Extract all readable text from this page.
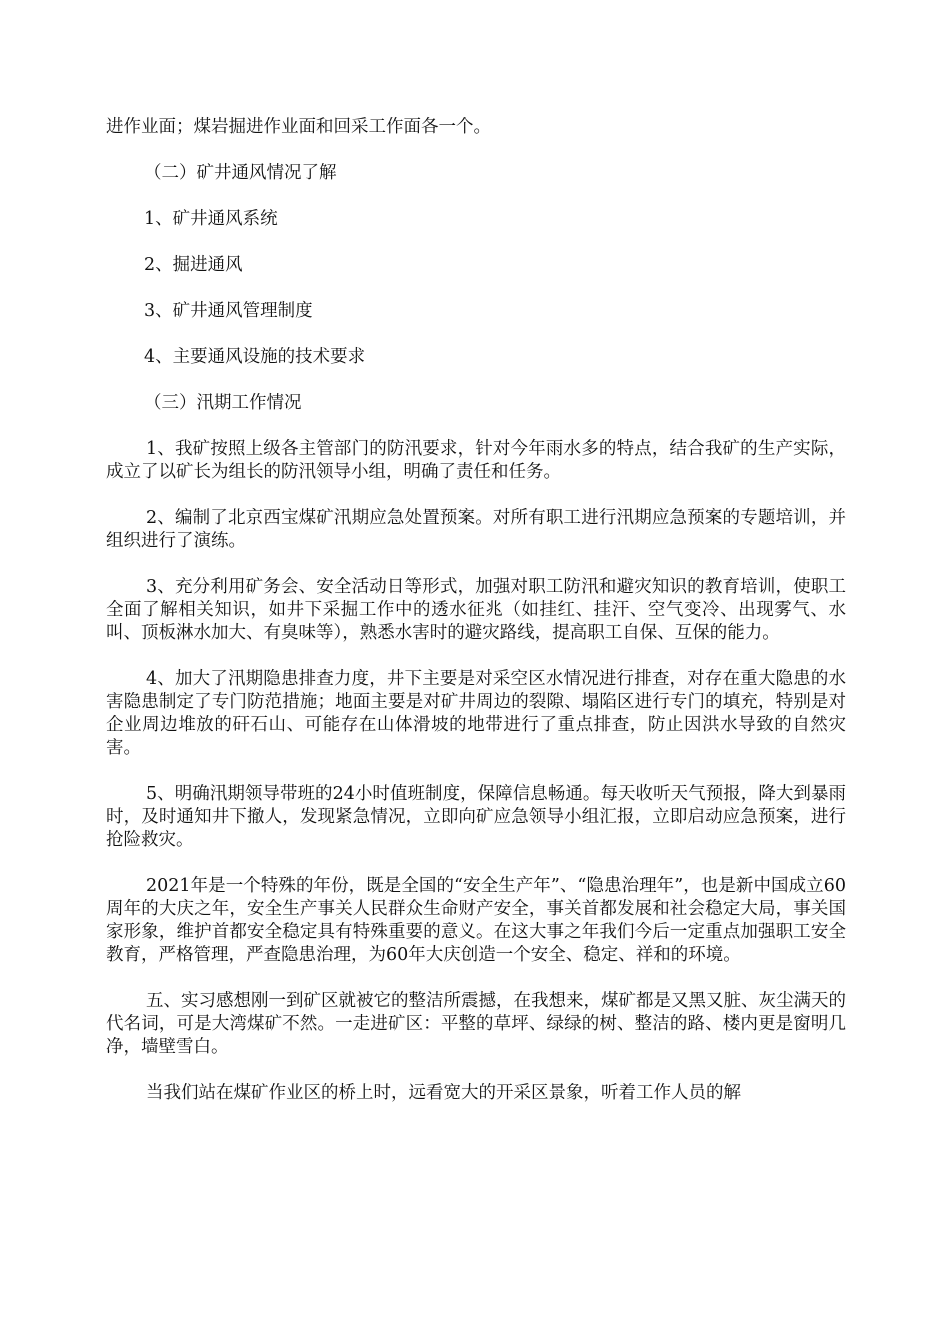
进作业面；煤岩掘进作业面和回采工作面各一个。

（二）矿井通风情况了解

1、矿井通风系统

2、掘进通风

3、矿井通风管理制度

4、主要通风设施的技术要求

（三）汛期工作情况

1、我矿按照上级各主管部门的防汛要求，针对今年雨水多的特点，结合我矿的生产实际，成立了以矿长为组长的防汛领导小组，明确了责任和任务。

2、编制了北京西宝煤矿汛期应急处置预案。对所有职工进行汛期应急预案的专题培训，并组织进行了演练。

3、充分利用矿务会、安全活动日等形式，加强对职工防汛和避灾知识的教育培训，使职工全面了解相关知识，如井下采掘工作中的透水征兆（如挂红、挂汗、空气变冷、出现雾气、水叫、顶板淋水加大、有臭味等），熟悉水害时的避灾路线，提高职工自保、互保的能力。

4、加大了汛期隐患排查力度，井下主要是对采空区水情况进行排查，对存在重大隐患的水害隐患制定了专门防范措施；地面主要是对矿井周边的裂隙、塌陷区进行专门的填充，特别是对企业周边堆放的矸石山、可能存在山体滑坡的地带进行了重点排查，防止因洪水导致的自然灾害。

5、明确汛期领导带班的24小时值班制度，保障信息畅通。每天收听天气预报，降大到暴雨时，及时通知井下撤人，发现紧急情况，立即向矿应急领导小组汇报，立即启动应急预案，进行抢险救灾。

2021年是一个特殊的年份，既是全国的“安全生产年”、“隐患治理年”，也是新中国成立60周年的大庆之年，安全生产事关人民群众生命财产安全，事关首都发展和社会稳定大局，事关国家形象，维护首都安全稳定具有特殊重要的意义。在这大事之年我们今后一定重点加强职工安全教育，严格管理，严查隐患治理，为60年大庆创造一个安全、稳定、祥和的环境。

五、实习感想刚一到矿区就被它的整洁所震撼，在我想来，煤矿都是又黑又脏、灰尘满天的代名词，可是大湾煤矿不然。一走进矿区：平整的草坪、绿绿的树、整洁的路、楼内更是窗明几净，墙壁雪白。

当我们站在煤矿作业区的桥上时，远看宽大的开采区景象，听着工作人员的解
